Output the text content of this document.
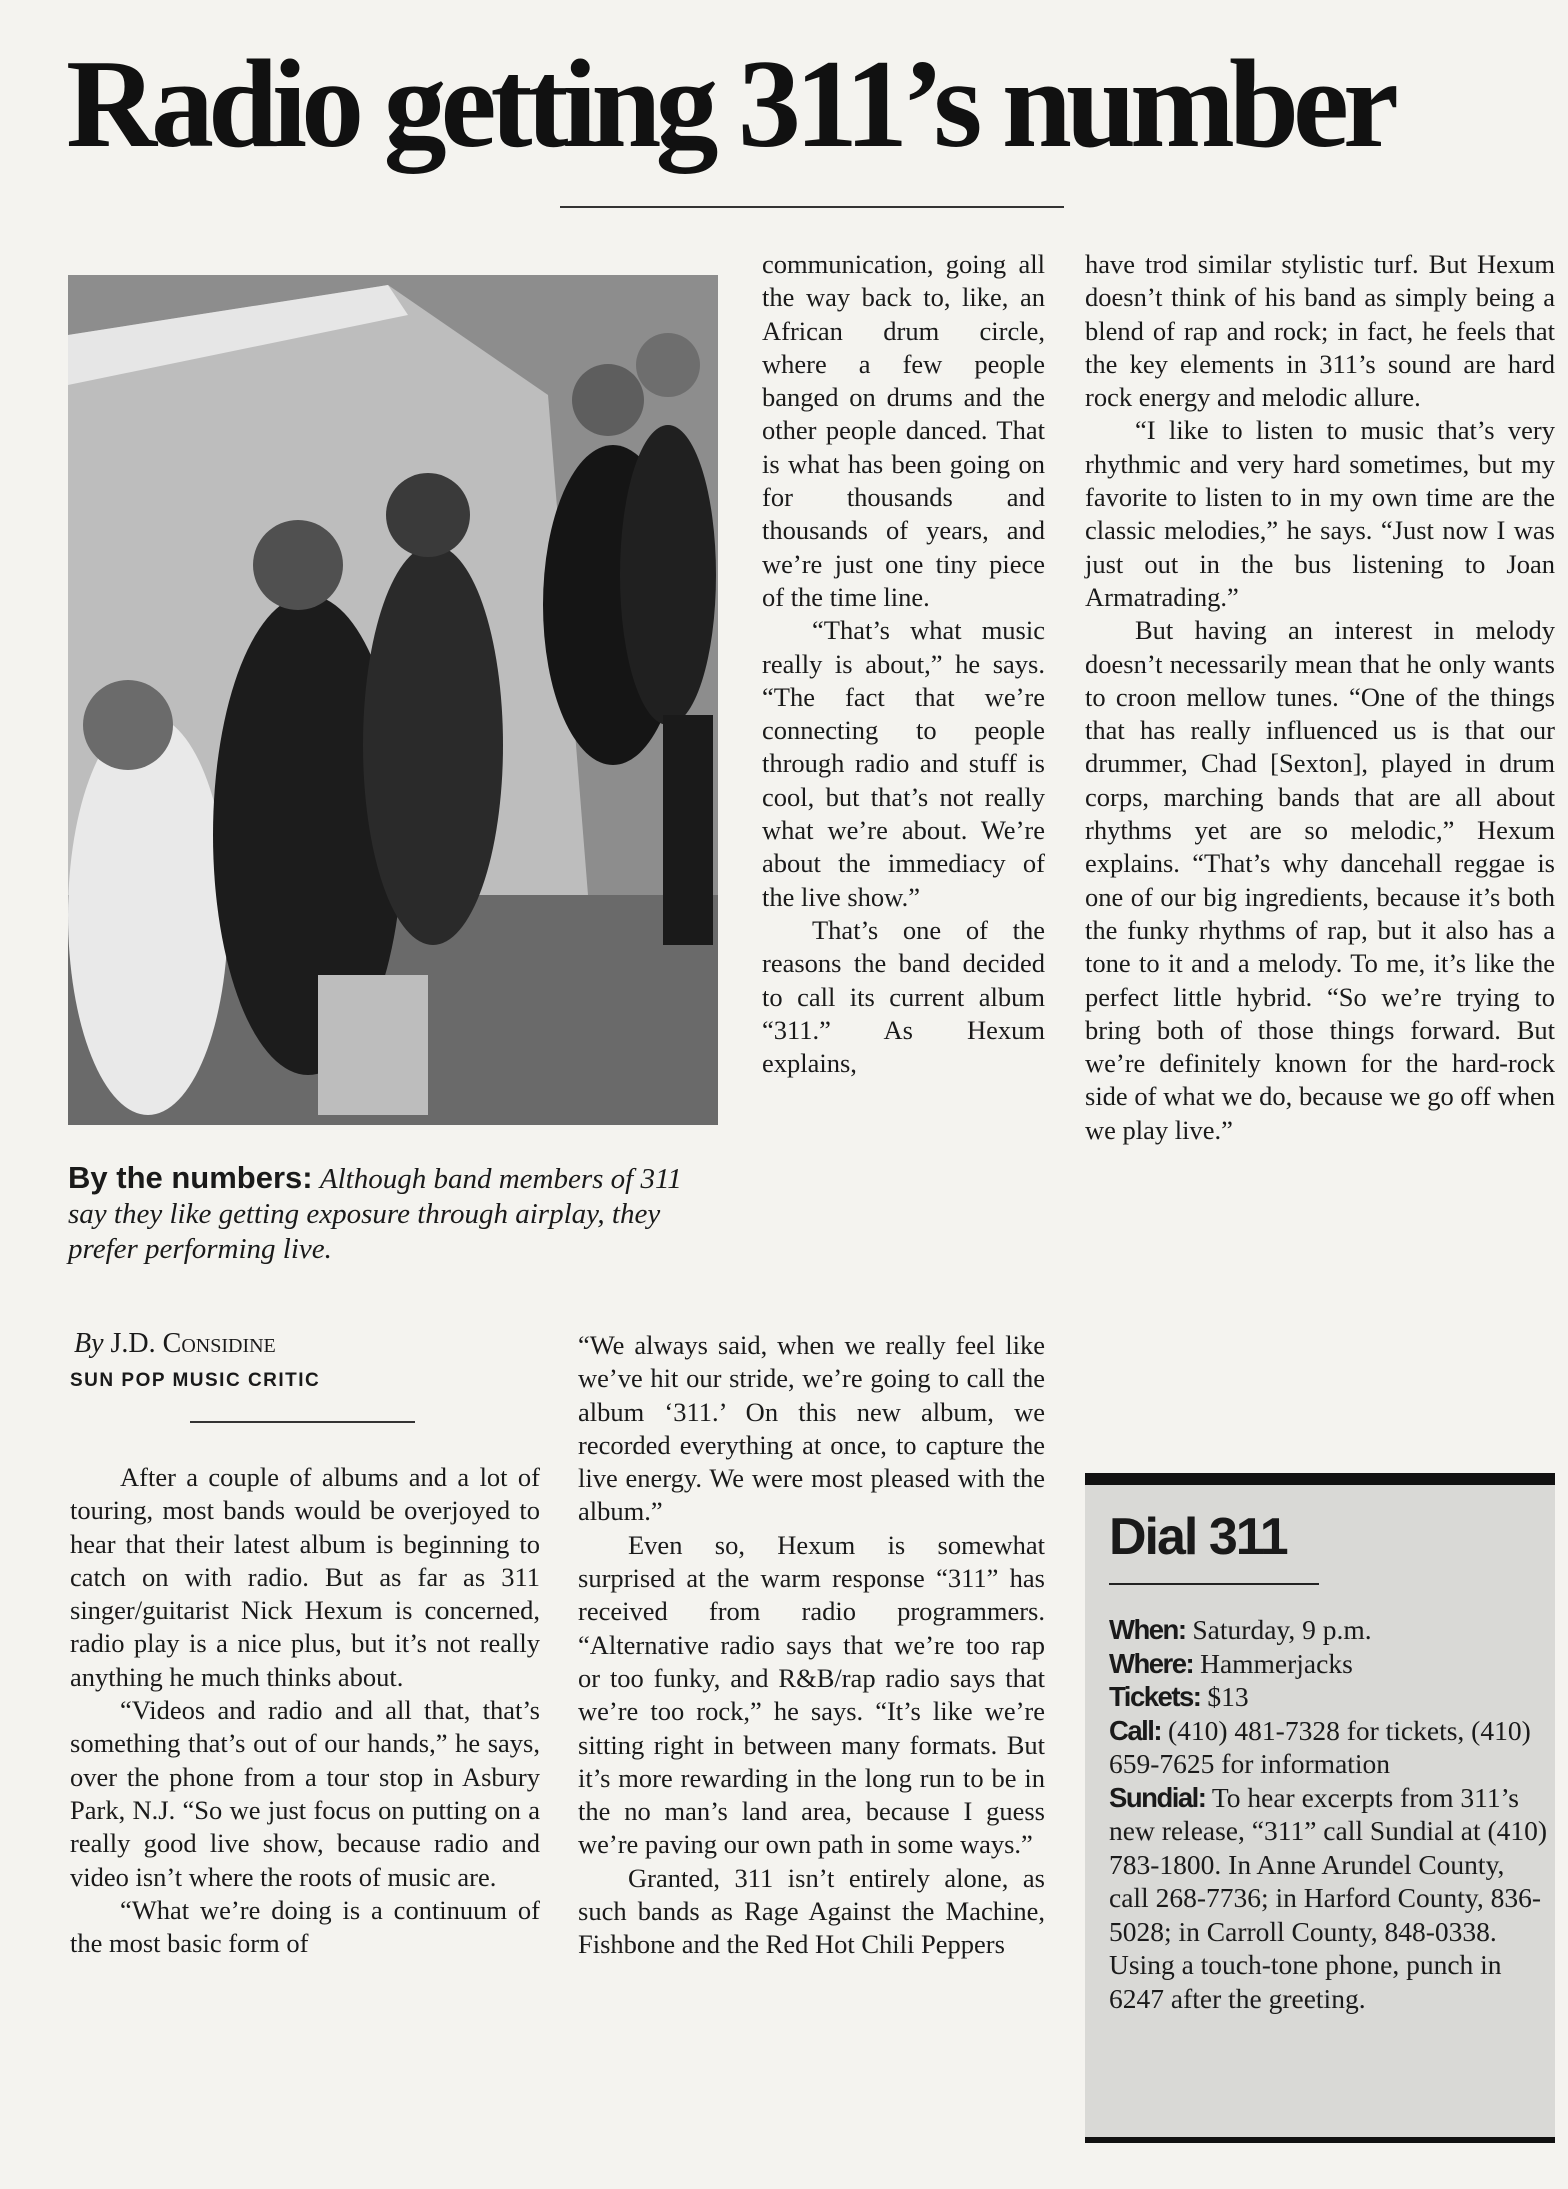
Radio getting 311’s number
By the numbers: Although band members of 311 say they like getting exposure through airplay, they prefer performing live.
By J.D. Considine
SUN POP MUSIC CRITIC

After a couple of albums and a lot of touring, most bands would be overjoyed to hear that their latest album is beginning to catch on with radio. But as far as 311 singer/guitarist Nick Hexum is concerned, radio play is a nice plus, but it’s not really anything he much thinks about.

“Videos and radio and all that, that’s something that’s out of our hands,” he says, over the phone from a tour stop in Asbury Park, N.J. “So we just focus on putting on a really good live show, because radio and video isn’t where the roots of music are.

“What we’re doing is a continuum of the most basic form of

communication, going all the way back to, like, an African drum circle, where a few people banged on drums and the other people danced. That is what has been going on for thousands and thousands of years, and we’re just one tiny piece of the time line.

“That’s what music really is about,” he says. “The fact that we’re connecting to people through radio and stuff is cool, but that’s not really what we’re about. We’re about the immediacy of the live show.”

That’s one of the reasons the band decided to call its current album “311.” As Hexum explains,

“We always said, when we really feel like we’ve hit our stride, we’re going to call the album ‘311.’ On this new album, we recorded everything at once, to capture the live energy. We were most pleased with the album.”

Even so, Hexum is somewhat surprised at the warm response “311” has received from radio programmers. “Alternative radio says that we’re too rap or too funky, and R&B/rap radio says that we’re too rock,” he says. “It’s like we’re sitting right in between many formats. But it’s more rewarding in the long run to be in the no man’s land area, because I guess we’re paving our own path in some ways.”

Granted, 311 isn’t entirely alone, as such bands as Rage Against the Machine, Fishbone and the Red Hot Chili Peppers

have trod similar stylistic turf. But Hexum doesn’t think of his band as simply being a blend of rap and rock; in fact, he feels that the key elements in 311’s sound are hard rock energy and melodic allure.

“I like to listen to music that’s very rhythmic and very hard sometimes, but my favorite to listen to in my own time are the classic melodies,” he says. “Just now I was just out in the bus listening to Joan Armatrading.”

But having an interest in melody doesn’t necessarily mean that he only wants to croon mellow tunes. “One of the things that has really influenced us is that our drummer, Chad [Sexton], played in drum corps, marching bands that are all about rhythms yet are so melodic,” Hexum explains. “That’s why dancehall reggae is one of our big ingredients, because it’s both the funky rhythms of rap, but it also has a tone to it and a melody. To me, it’s like the perfect little hybrid. “So we’re trying to bring both of those things forward. But we’re definitely known for the hard-rock side of what we do, because we go off when we play live.”

Dial 311
When: Saturday, 9 p.m.
Where: Hammerjacks
Tickets: $13
Call: (410) 481-7328 for tickets, (410) 659-7625 for information
Sundial: To hear excerpts from 311’s new release, “311” call Sundial at (410) 783-1800. In Anne Arundel County, call 268-7736; in Harford County, 836-5028; in Carroll County, 848-0338. Using a touch-tone phone, punch in 6247 after the greeting.
